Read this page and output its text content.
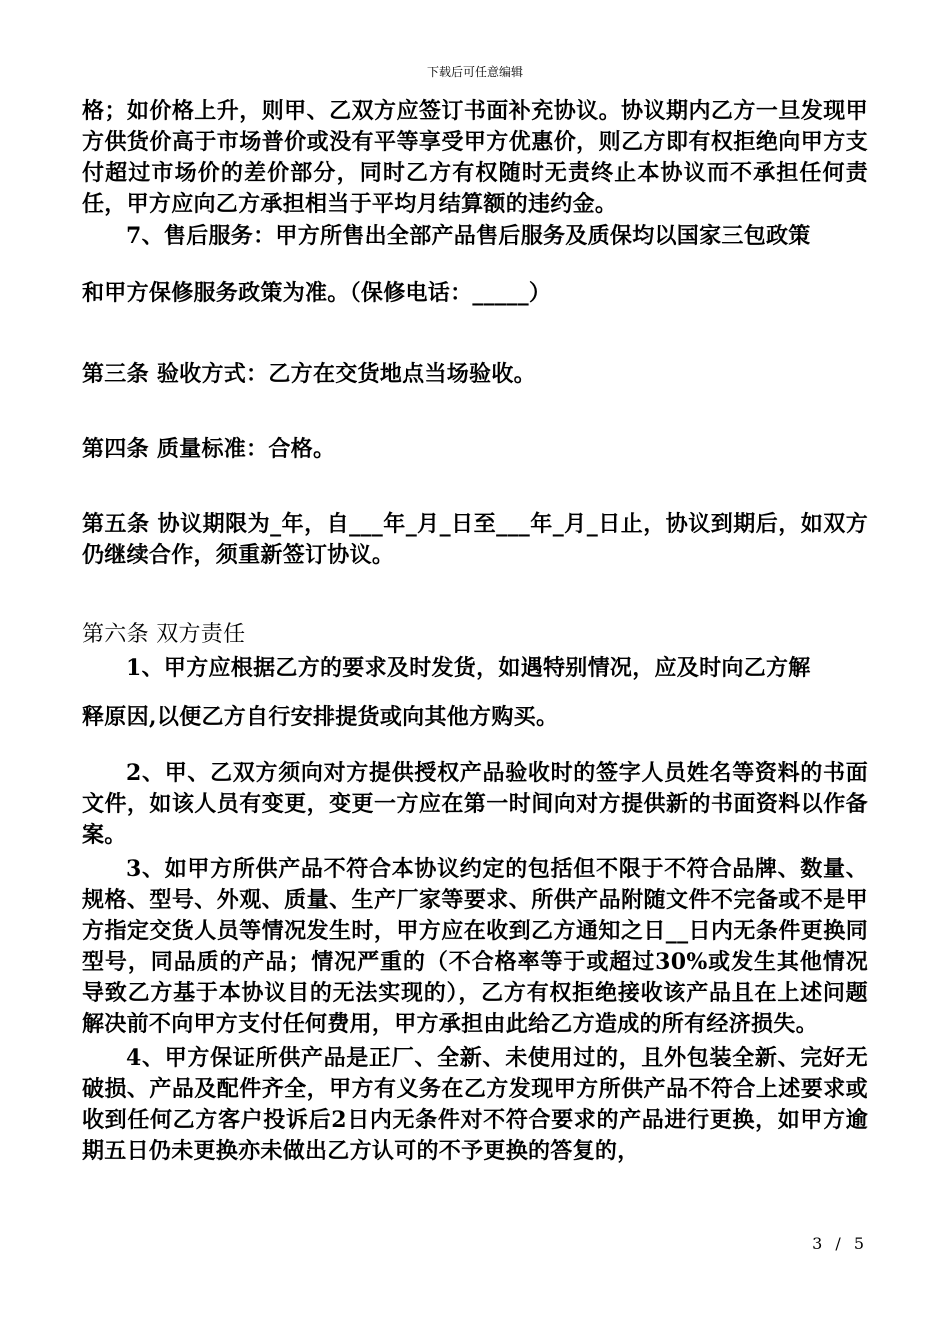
下载后可任意编辑

格；如价格上升，则甲、乙双方应签订书面补充协议。协议期内乙方一旦发现甲方供货价高于市场普价或没有平等享受甲方优惠价，则乙方即有权拒绝向甲方支付超过市场价的差价部分，同时乙方有权随时无责终止本协议而不承担任何责任，甲方应向乙方承担相当于平均月结算额的违约金。

7、售后服务：甲方所售出全部产品售后服务及质保均以国家三包政策

和甲方保修服务政策为准。（保修电话：_____）

第三条 验收方式：乙方在交货地点当场验收。

第四条 质量标准：合格。

第五条 协议期限为_年，自___年_月_日至___年_月_日止，协议到期后，如双方仍继续合作，须重新签订协议。

第六条 双方责任

1、甲方应根据乙方的要求及时发货，如遇特别情况，应及时向乙方解

释原因,以便乙方自行安排提货或向其他方购买。

2、甲、乙双方须向对方提供授权产品验收时的签字人员姓名等资料的书面文件，如该人员有变更，变更一方应在第一时间向对方提供新的书面资料以作备案。

3、如甲方所供产品不符合本协议约定的包括但不限于不符合品牌、数量、规格、型号、外观、质量、生产厂家等要求、所供产品附随文件不完备或不是甲方指定交货人员等情况发生时，甲方应在收到乙方通知之日__日内无条件更换同型号，同品质的产品；情况严重的（不合格率等于或超过30%或发生其他情况导致乙方基于本协议目的无法实现的），乙方有权拒绝接收该产品且在上述问题解决前不向甲方支付任何费用，甲方承担由此给乙方造成的所有经济损失。

4、甲方保证所供产品是正厂、全新、未使用过的，且外包装全新、完好无破损、产品及配件齐全，甲方有义务在乙方发现甲方所供产品不符合上述要求或收到任何乙方客户投诉后2日内无条件对不符合要求的产品进行更换，如甲方逾期五日仍未更换亦未做出乙方认可的不予更换的答复的，

3 / 5
